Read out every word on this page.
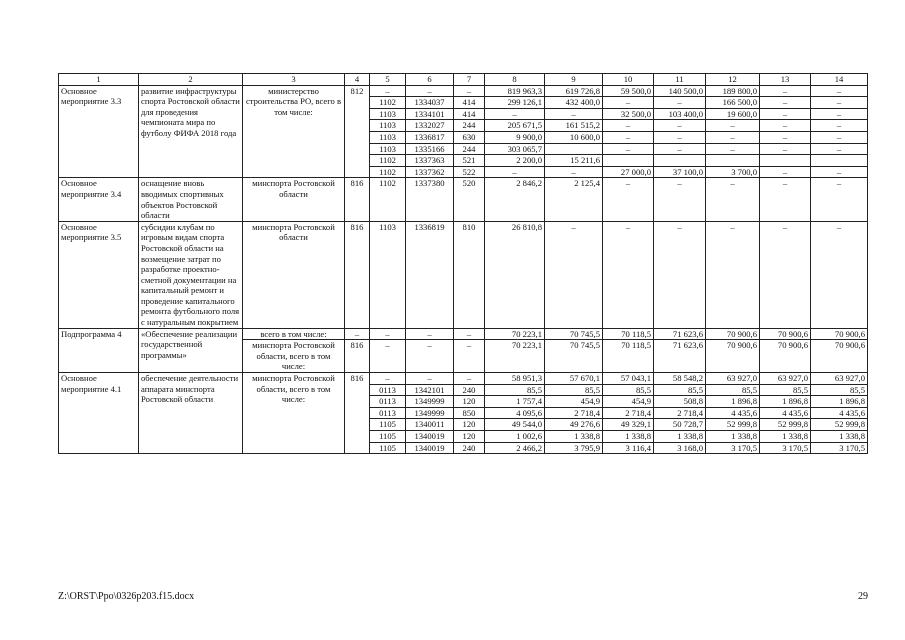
1	2	3	4	5	6	7	8	9	10	11	12	13	14
Основное мероприятие 3.3	развитие инфраструктуры спорта Ростовской области для проведения чемпионата мира по футболу ФИФА 2018 года	министерство строительства РО, всего в том числе:	812	–	–	–	819 963,3	619 726,8	59 500,0	140 500,0	189 800,0	–	–
				1102	1334037	414	299 126,1	432 400,0	–	–	166 500,0	–	–
				1103	1334101	414	–	–	32 500,0	103 400,0	19 600,0	–	–
				1103	1332027	244	205 671,5	161 515,2	–	–	–	–	–
				1103	1336817	630	9 900,0	10 600,0	–	–	–	–	–
				1103	1335166	244	303 065,7		–	–	–	–	–
				1102	1337363	521	2 200,0	15 211,6					
				1102	1337362	522	–	–	27 000,0	37 100,0	3 700,0	–	–
Основное мероприятие 3.4	оснащение вновь вводимых спортивных объектов Ростовской области	минспорта Ростовской области	816	1102	1337380	520	2 846,2	2 125,4	–	–	–	–	–
Основное мероприятие 3.5	субсидии клубам по игровым видам спорта Ростовской области на возмещение затрат по разработке проектно-сметной документации на капитальный ремонт и проведение капитального ремонта футбольного поля с натуральным покрытием	минспорта Ростовской области	816	1103	1336819	810	26 810,8	–	–	–	–	–	–
Подпрограмма 4	«Обеспечение реализации государственной программы»	всего в том числе:	–	–	–	–	70 223,1	70 745,5	70 118,5	71 623,6	70 900,6	70 900,6	70 900,6
		минспорта Ростовской области, всего в том числе:	816	–	–	–	70 223,1	70 745,5	70 118,5	71 623,6	70 900,6	70 900,6	70 900,6
Основное мероприятие 4.1	обеспечение деятельности аппарата минспорта Ростовской области	минспорта Ростовской области, всего в том числе:	816	–	–	–	58 951,3	57 670,1	57 043,1	58 548,2	63 927,0	63 927,0	63 927,0
				0113	1342101	240	85,5	85,5	85,5	85,5	85,5	85,5	85,5
				0113	1349999	120	1 757,4	454,9	454,9	508,8	1 896,8	1 896,8	1 896,8
				0113	1349999	850	4 095,6	2 718,4	2 718,4	2 718,4	4 435,6	4 435,6	4 435,6
				1105	1340011	120	49 544,0	49 276,6	49 329,1	50 728,7	52 999,8	52 999,8	52 999,8
				1105	1340019	120	1 002,6	1 338,8	1 338,8	1 338,8	1 338,8	1 338,8	1 338,8
				1105	1340019	240	2 466,2	3 795,9	3 116,4	3 168,0	3 170,5	3 170,5	3 170,5
Z:\ORST\Ppo\0326p203.f15.docx	29
